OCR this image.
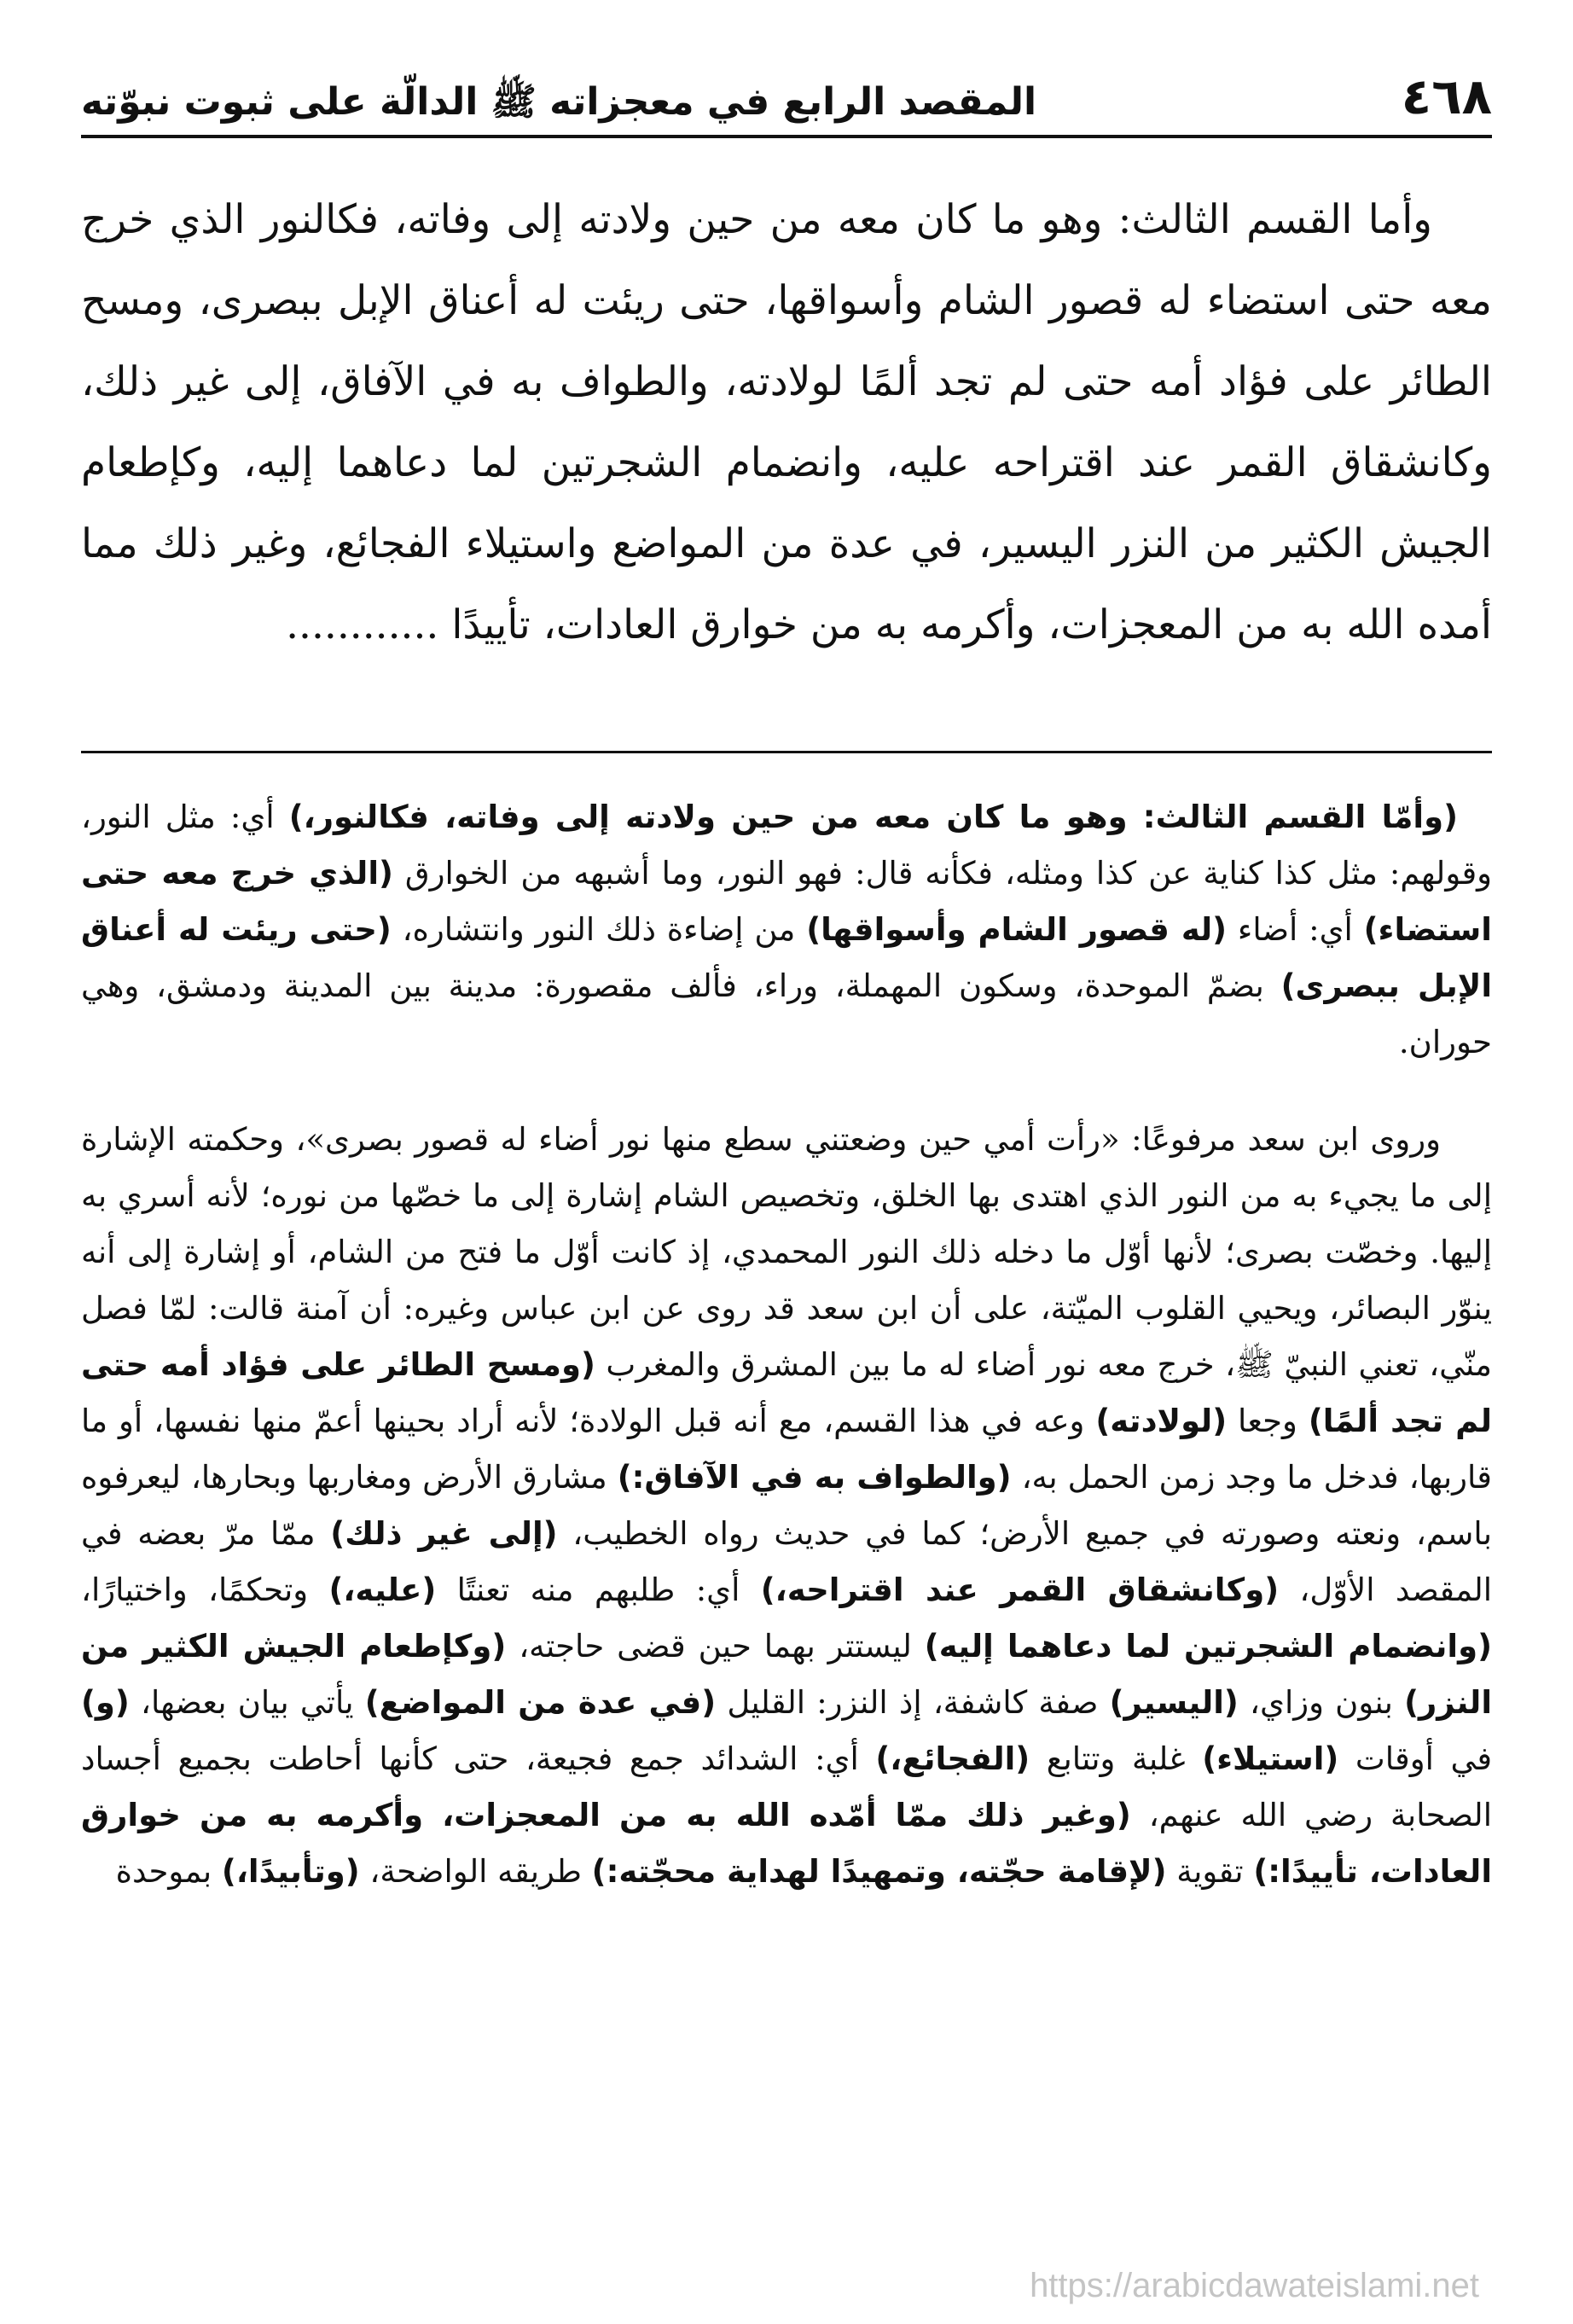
٤٦٨
المقصد الرابع في معجزاته ﷺ الدالّة على ثبوت نبوّته

وأما القسم الثالث: وهو ما كان معه من حين ولادته إلى وفاته، فكالنور الذي خرج معه حتى استضاء له قصور الشام وأسواقها، حتى ريئت له أعناق الإبل ببصرى، ومسح الطائر على فؤاد أمه حتى لم تجد ألمًا لولادته، والطواف به في الآفاق، إلى غير ذلك، وكانشقاق القمر عند اقتراحه عليه، وانضمام الشجرتين لما دعاهما إليه، وكإطعام الجيش الكثير من النزر اليسير، في عدة من المواضع واستيلاء الفجائع، وغير ذلك مما أمده الله به من المعجزات، وأكرمه به من خوارق العادات، تأييدًا ............

(وأمّا القسم الثالث: وهو ما كان معه من حين ولادته إلى وفاته، فكالنور،) أي: مثل النور، وقولهم: مثل كذا كناية عن كذا ومثله، فكأنه قال: فهو النور، وما أشبهه من الخوارق (الذي خرج معه حتى استضاء) أي: أضاء (له قصور الشام وأسواقها) من إضاءة ذلك النور وانتشاره، (حتى ريئت له أعناق الإبل ببصرى) بضمّ الموحدة، وسكون المهملة، وراء، فألف مقصورة: مدينة بين المدينة ودمشق، وهي حوران.

وروى ابن سعد مرفوعًا: «رأت أمي حين وضعتني سطع منها نور أضاء له قصور بصرى»، وحكمته الإشارة إلى ما يجيء به من النور الذي اهتدى بها الخلق، وتخصيص الشام إشارة إلى ما خصّها من نوره؛ لأنه أسري به إليها. وخصّت بصرى؛ لأنها أوّل ما دخله ذلك النور المحمدي، إذ كانت أوّل ما فتح من الشام، أو إشارة إلى أنه ينوّر البصائر، ويحيي القلوب الميّتة، على أن ابن سعد قد روى عن ابن عباس وغيره: أن آمنة قالت: لمّا فصل منّي، تعني النبيّ ﷺ، خرج معه نور أضاء له ما بين المشرق والمغرب (ومسح الطائر على فؤاد أمه حتى لم تجد ألمًا) وجعا (لولادته) وعه في هذا القسم، مع أنه قبل الولادة؛ لأنه أراد بحينها أعمّ منها نفسها، أو ما قاربها، فدخل ما وجد زمن الحمل به، (والطواف به في الآفاق:) مشارق الأرض ومغاربها وبحارها، ليعرفوه باسم، ونعته وصورته في جميع الأرض؛ كما في حديث رواه الخطيب، (إلى غير ذلك) ممّا مرّ بعضه في المقصد الأوّل، (وكانشقاق القمر عند اقتراحه،) أي: طلبهم منه تعنتًا (عليه،) وتحكمًا، واختيارًا، (وانضمام الشجرتين لما دعاهما إليه) ليستتر بهما حين قضى حاجته، (وكإطعام الجيش الكثير من النزر) بنون وزاي، (اليسير) صفة كاشفة، إذ النزر: القليل (في عدة من المواضع) يأتي بيان بعضها، (و) في أوقات (استيلاء) غلبة وتتابع (الفجائع،) أي: الشدائد جمع فجيعة، حتى كأنها أحاطت بجميع أجساد الصحابة رضي الله عنهم، (وغير ذلك ممّا أمّده الله به من المعجزات، وأكرمه به من خوارق العادات، تأييدًا:) تقوية (لإقامة حجّته، وتمهيدًا لهداية محجّته:) طريقه الواضحة، (وتأبيدًا،) بموحدة

https://arabicdawateislami.net
